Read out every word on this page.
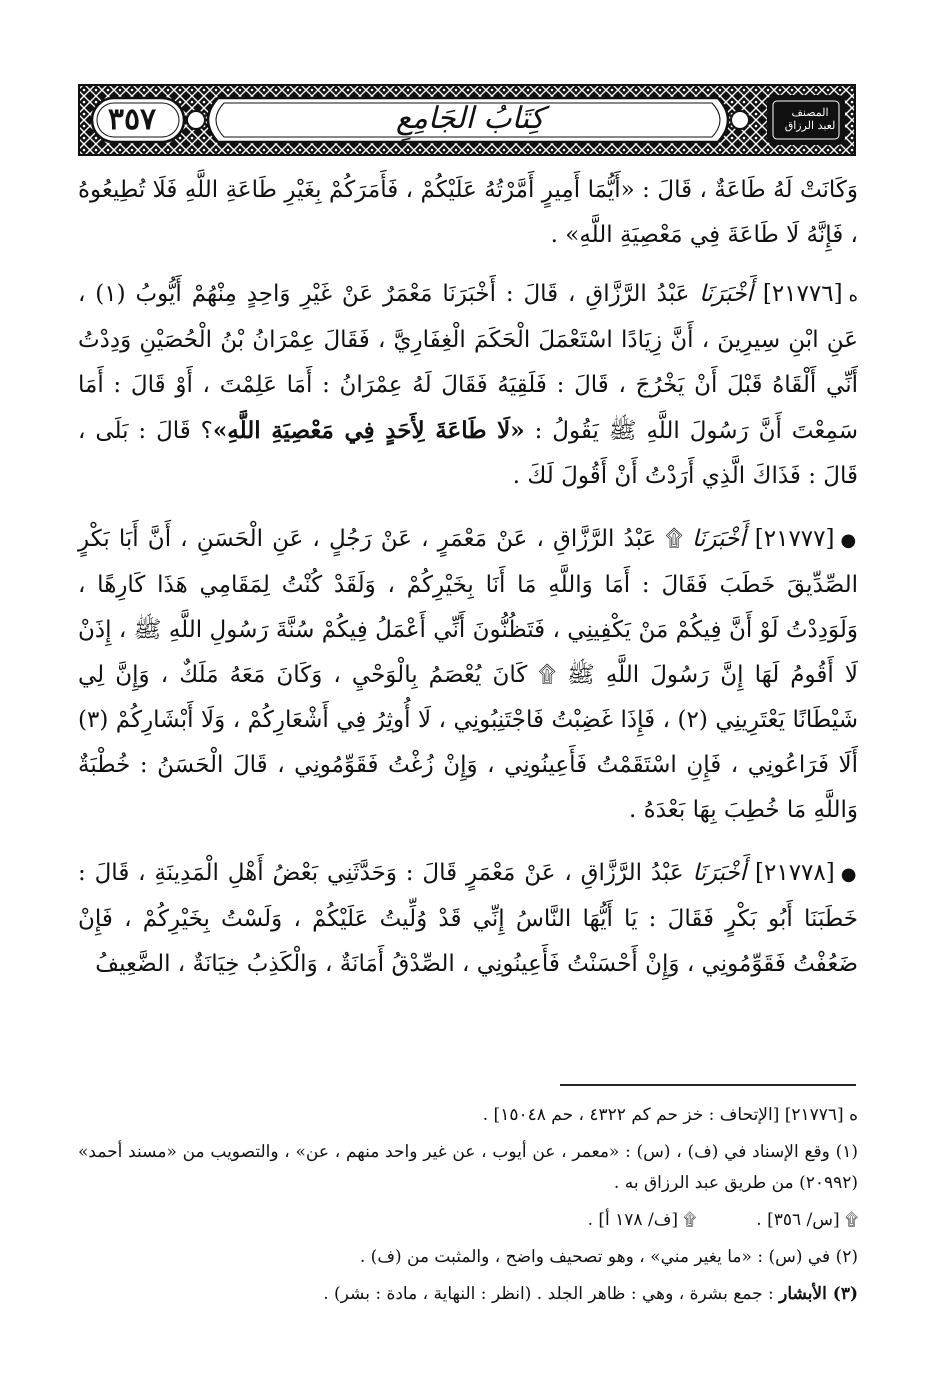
٣٥٧	كِتَابُ الجَامِعِ	المصنف
لعبد الرزاق

وَكَانَتْ لَهُ طَاعَةٌ ، قَالَ : «أَيُّمَا أَمِيرٍ أَمَّرْتُهُ عَلَيْكُمْ ، فَأَمَرَكُمْ بِغَيْرِ طَاعَةِ اللَّهِ فَلَا تُطِيعُوهُ ، فَإِنَّهُ لَا طَاعَةَ فِي مَعْصِيَةِ اللَّهِ» .

ه[٢١٧٧٦] أَخْبَرَنَا عَبْدُ الرَّزَّاقِ ، قَالَ : أَخْبَرَنَا مَعْمَرٌ عَنْ غَيْرِ وَاحِدٍ مِنْهُمْ أَيُّوبُ (١) ، عَنِ ابْنِ سِيرِينَ ، أَنَّ زِيَادًا اسْتَعْمَلَ الْحَكَمَ الْغِفَارِيَّ ، فَقَالَ عِمْرَانُ بْنُ الْحُصَيْنِ وَدِدْتُ أَنِّي أَلْقَاهُ قَبْلَ أَنْ يَخْرُجَ ، قَالَ : فَلَقِيَهُ فَقَالَ لَهُ عِمْرَانُ : أَمَا عَلِمْتَ ، أَوْ قَالَ : أَمَا سَمِعْتَ أَنَّ رَسُولَ اللَّهِ ﷺ يَقُولُ : «لَا طَاعَةَ لِأَحَدٍ فِي مَعْصِيَةِ اللَّهِ»؟ قَالَ : بَلَى ، قَالَ : فَذَاكَ الَّذِي أَرَدْتُ أَنْ أَقُولَ لَكَ .

●[٢١٧٧٧] أَخْبَرَنَا ۩ عَبْدُ الرَّزَّاقِ ، عَنْ مَعْمَرٍ ، عَنْ رَجُلٍ ، عَنِ الْحَسَنِ ، أَنَّ أَبَا بَكْرٍ الصِّدِّيقَ خَطَبَ فَقَالَ : أَمَا وَاللَّهِ مَا أَنَا بِخَيْرِكُمْ ، وَلَقَدْ كُنْتُ لِمَقَامِي هَذَا كَارِهًا ، وَلَوَدِدْتُ لَوْ أَنَّ فِيكُمْ مَنْ يَكْفِينِي ، فَتَظُنُّونَ أَنِّي أَعْمَلُ فِيكُمْ سُنَّةَ رَسُولِ اللَّهِ ﷺ ، إِذَنْ لَا أَقُومُ لَهَا إِنَّ رَسُولَ اللَّهِ ﷺ ۩ كَانَ يُعْصَمُ بِالْوَحْيِ ، وَكَانَ مَعَهُ مَلَكٌ ، وَإِنَّ لِي شَيْطَانًا يَعْتَرِينِي (٢) ، فَإِذَا غَضِبْتُ فَاجْتَنِبُونِي ، لَا أُوثِرُ فِي أَشْعَارِكُمْ ، وَلَا أَبْشَارِكُمْ (٣) أَلَا فَرَاعُونِي ، فَإِنِ اسْتَقَمْتُ فَأَعِينُونِي ، وَإِنْ زُغْتُ فَقَوِّمُونِي ، قَالَ الْحَسَنُ : خُطْبَةٌ وَاللَّهِ مَا خُطِبَ بِهَا بَعْدَهُ .

●[٢١٧٧٨] أَخْبَرَنَا عَبْدُ الرَّزَّاقِ ، عَنْ مَعْمَرٍ قَالَ : وَحَدَّثَنِي بَعْضُ أَهْلِ الْمَدِينَةِ ، قَالَ : خَطَبَنَا أَبُو بَكْرٍ فَقَالَ : يَا أَيُّهَا النَّاسُ إِنِّي قَدْ وُلِّيتُ عَلَيْكُمْ ، وَلَسْتُ بِخَيْرِكُمْ ، فَإِنْ ضَعُفْتُ فَقَوِّمُونِي ، وَإِنْ أَحْسَنْتُ فَأَعِينُونِي ، الصِّدْقُ أَمَانَةٌ ، وَالْكَذِبُ خِيَانَةٌ ، الضَّعِيفُ

ه [٢١٧٧٦] [الإتحاف : خز حم كم ٤٣٢٢ ، حم ١٥٠٤٨] .

(١) وقع الإسناد في (ف) ، (س) : «معمر ، عن أيوب ، عن غير واحد منهم ، عن» ، والتصويب من «مسند أحمد» (٢٠٩٩٢) من طريق عبد الرزاق به .

۩ [س/ ٣٥٦] .
۩ [ف/ ١٧٨ أ] .

(٢) في (س) : «ما يغير مني» ، وهو تصحيف واضح ، والمثبت من (ف) .

(٣) الأبشار : جمع بشرة ، وهي : ظاهر الجلد . (انظر : النهاية ، مادة : بشر) .
